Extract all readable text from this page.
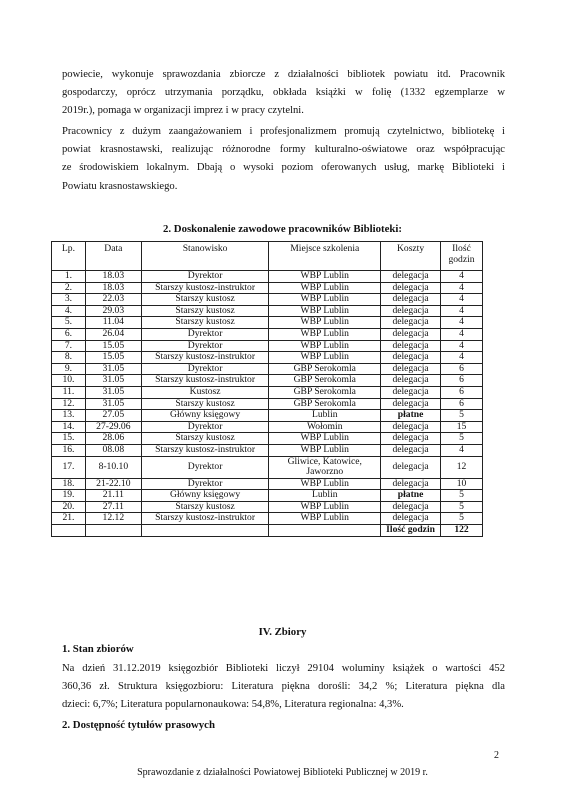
powiecie, wykonuje sprawozdania zbiorcze z działalności bibliotek powiatu itd. Pracownik
gospodarczy, oprócz utrzymania porządku, obkłada książki w folię (1332 egzemplarze w
2019r.), pomaga w organizacji imprez i w pracy czytelni.
Pracownicy z dużym zaangażowaniem i profesjonalizmem promują czytelnictwo, bibliotekę i
powiat krasnostawski, realizując różnorodne formy kulturalno-oświatowe oraz współpracując
ze środowiskiem lokalnym. Dbają o wysoki poziom oferowanych usług, markę Biblioteki i
Powiatu krasnostawskiego.
2. Doskonalenie zawodowe pracowników Biblioteki:
Lp.	Data	Stanowisko	Miejsce szkolenia	Koszty	Ilość godzin
1.	18.03	Dyrektor	WBP Lublin	delegacja	4
2.	18.03	Starszy kustosz-instruktor	WBP Lublin	delegacja	4
3.	22.03	Starszy kustosz	WBP Lublin	delegacja	4
4.	29.03	Starszy kustosz	WBP Lublin	delegacja	4
5.	11.04	Starszy kustosz	WBP Lublin	delegacja	4
6.	26.04	Dyrektor	WBP Lublin	delegacja	4
7.	15.05	Dyrektor	WBP Lublin	delegacja	4
8.	15.05	Starszy kustosz-instruktor	WBP Lublin	delegacja	4
9.	31.05	Dyrektor	GBP Serokomla	delegacja	6
10.	31.05	Starszy kustosz-instruktor	GBP Serokomla	delegacja	6
11.	31.05	Kustosz	GBP Serokomla	delegacja	6
12.	31.05	Starszy kustosz	GBP Serokomla	delegacja	6
13.	27.05	Główny księgowy	Lublin	płatne	5
14.	27-29.06	Dyrektor	Wołomin	delegacja	15
15.	28.06	Starszy kustosz	WBP Lublin	delegacja	5
16.	08.08	Starszy kustosz-instruktor	WBP Lublin	delegacja	4
17.	8-10.10	Dyrektor	Gliwice, Katowice, Jaworzno	delegacja	12
18.	21-22.10	Dyrektor	WBP Lublin	delegacja	10
19.	21.11	Główny księgowy	Lublin	płatne	5
20.	27.11	Starszy kustosz	WBP Lublin	delegacja	5
21.	12.12	Starszy kustosz-instruktor	WBP Lublin	delegacja	5
				Ilość godzin	122
IV. Zbiory
1. Stan zbiorów
Na dzień 31.12.2019 księgozbiór Biblioteki liczył 29104 woluminy książek o wartości 452
360,36 zł. Struktura księgozbioru: Literatura piękna dorośli: 34,2 %; Literatura piękna dla
dzieci: 6,7%; Literatura popularnonaukowa: 54,8%, Literatura regionalna: 4,3%.
2. Dostępność tytułów prasowych
2
Sprawozdanie z działalności Powiatowej Biblioteki Publicznej w 2019 r.
